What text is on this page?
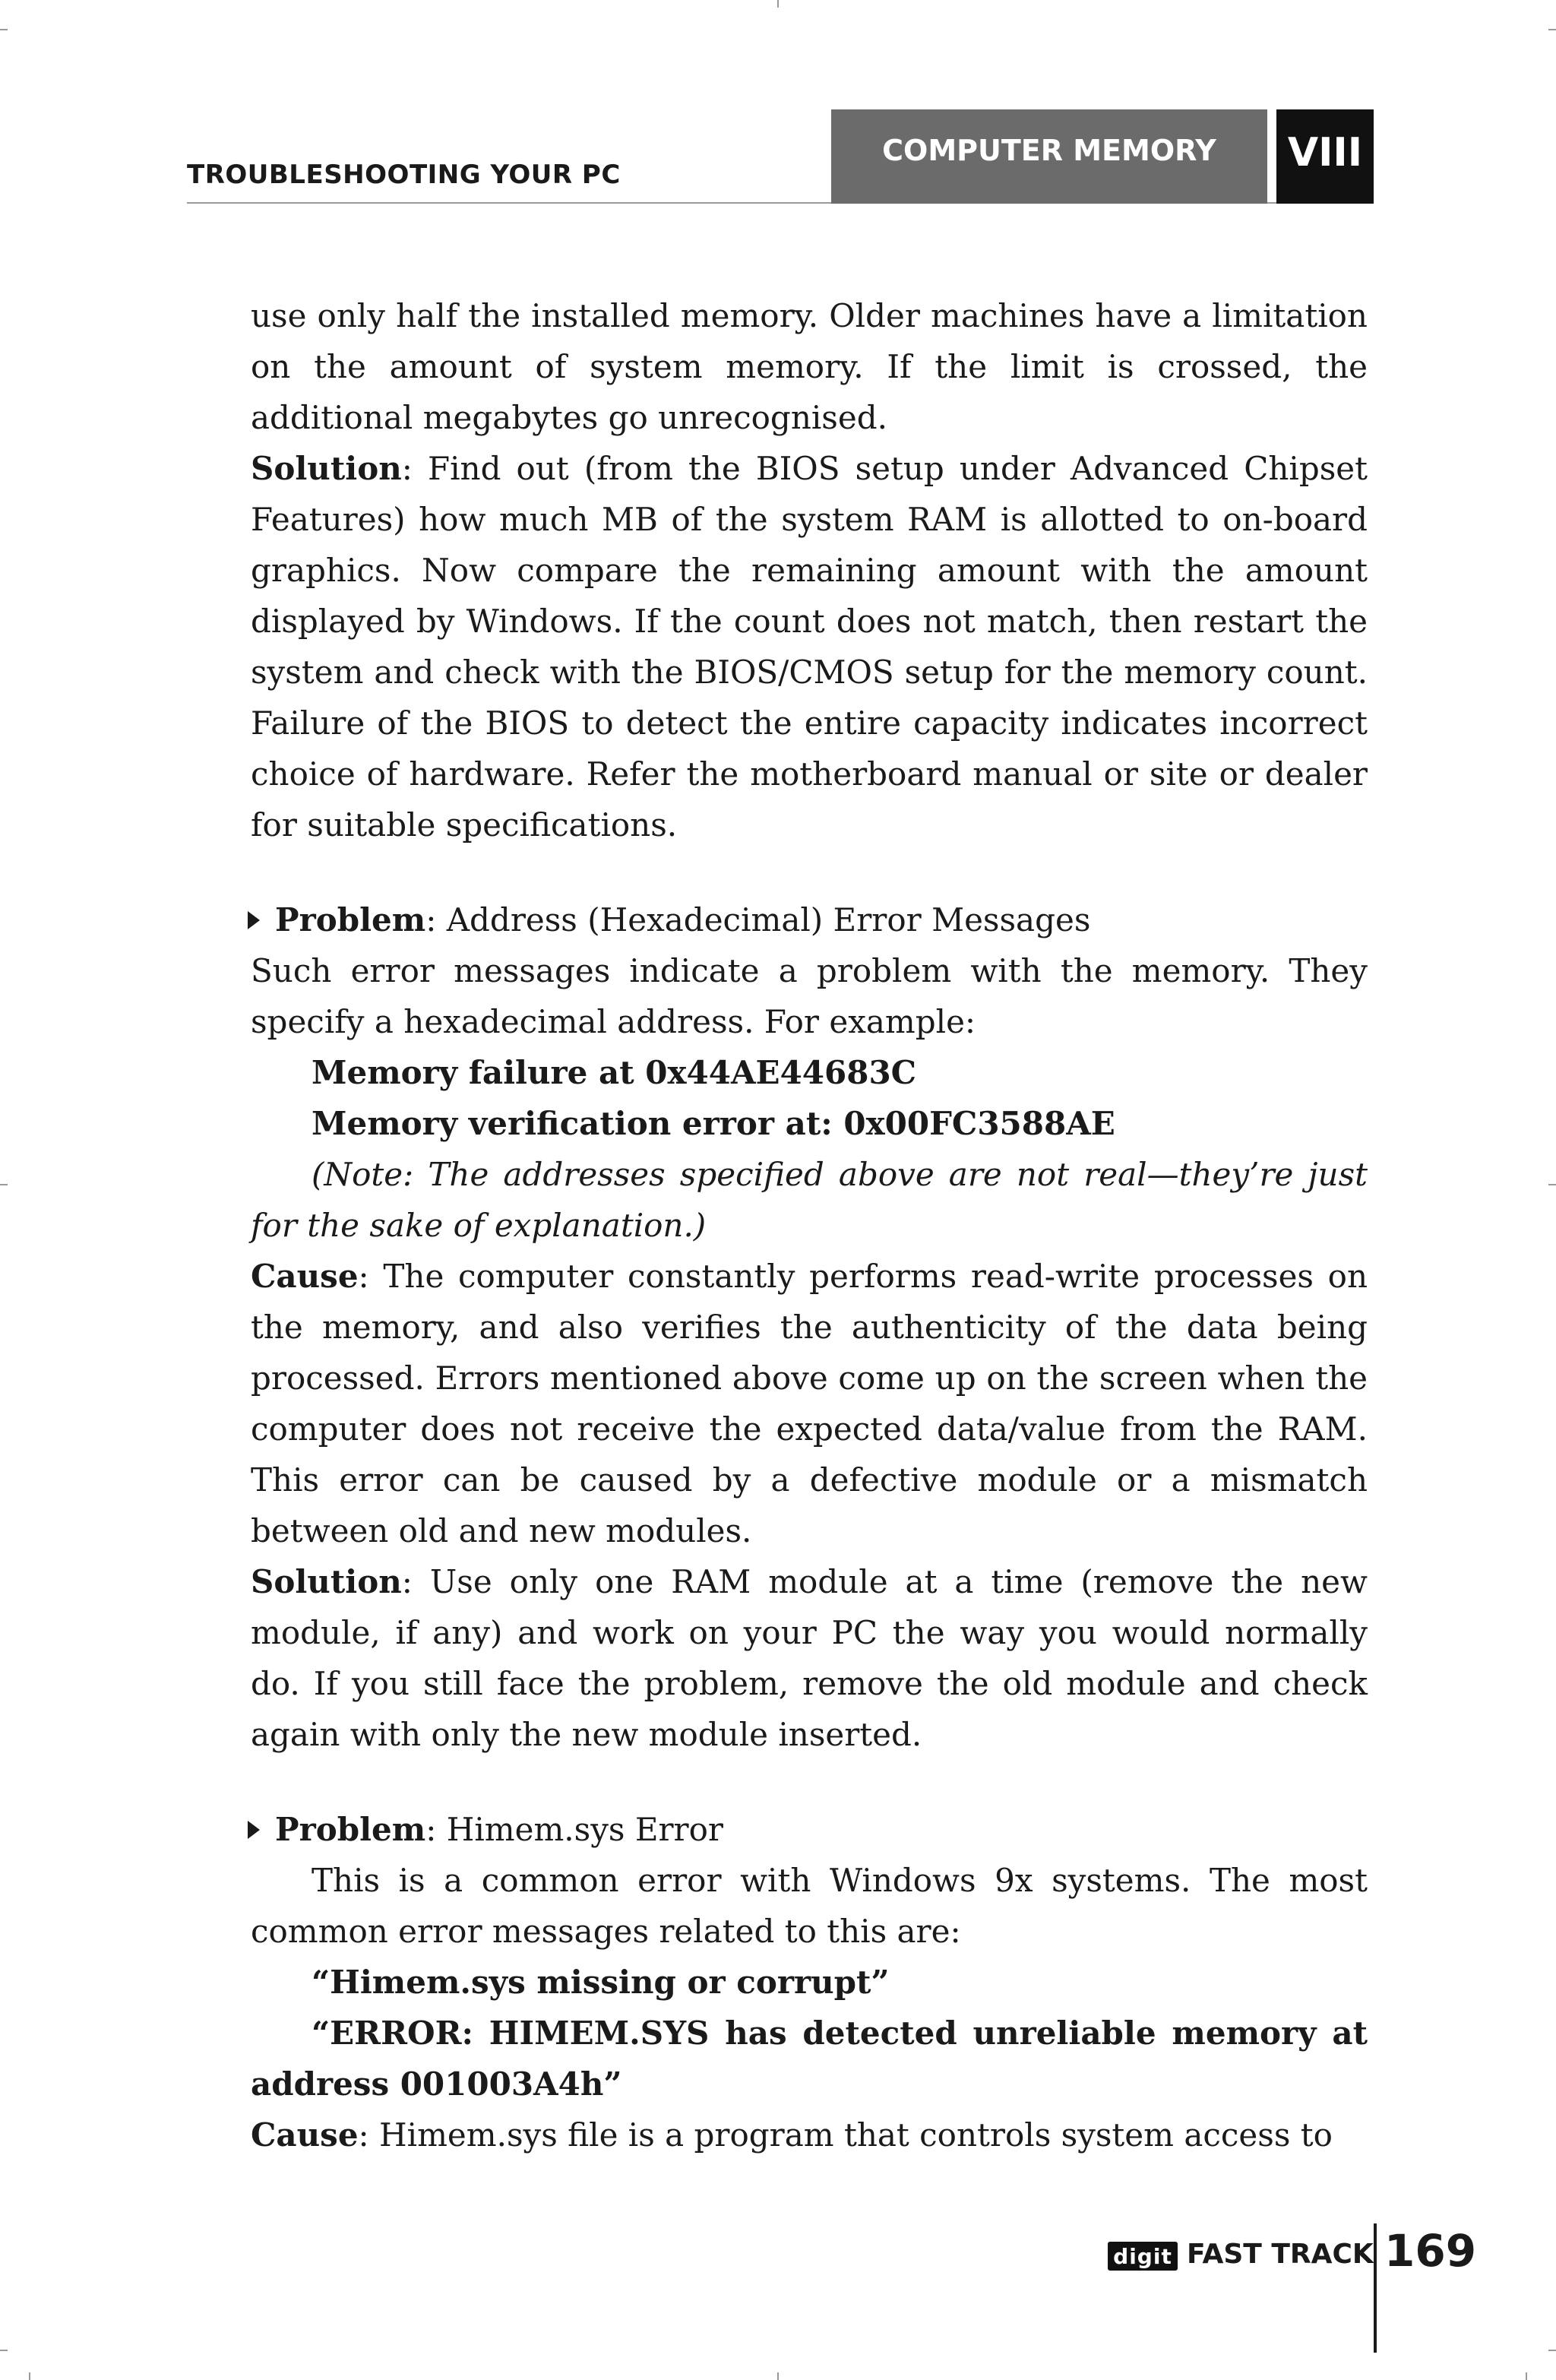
TROUBLESHOOTING YOUR PC
COMPUTER MEMORY VIII

use only half the installed memory. Older machines have a limitation on the amount of system memory. If the limit is crossed, the additional megabytes go unrecognised.

Solution: Find out (from the BIOS setup under Advanced Chipset Features) how much MB of the system RAM is allotted to on-board graphics. Now compare the remaining amount with the amount displayed by Windows. If the count does not match, then restart the system and check with the BIOS/CMOS setup for the memory count. Failure of the BIOS to detect the entire capacity indicates incorrect choice of hardware. Refer the motherboard manual or site or dealer for suitable specifications.

Problem: Address (Hexadecimal) Error Messages

Such error messages indicate a problem with the memory. They specify a hexadecimal address. For example:

Memory failure at 0x44AE44683C

Memory verification error at: 0x00FC3588AE

(Note: The addresses specified above are not real—they’re just for the sake of explanation.)

Cause: The computer constantly performs read-write processes on the memory, and also verifies the authenticity of the data being processed. Errors mentioned above come up on the screen when the computer does not receive the expected data/value from the RAM. This error can be caused by a defective module or a mismatch between old and new modules.

Solution: Use only one RAM module at a time (remove the new module, if any) and work on your PC the way you would normally do. If you still face the problem, remove the old module and check again with only the new module inserted.

Problem: Himem.sys Error

This is a common error with Windows 9x systems. The most common error messages related to this are:

“Himem.sys missing or corrupt”

“ERROR: HIMEM.SYS has detected unreliable memory at address 001003A4h”

Cause: Himem.sys file is a program that controls system access to

digit FAST TRACK 169
